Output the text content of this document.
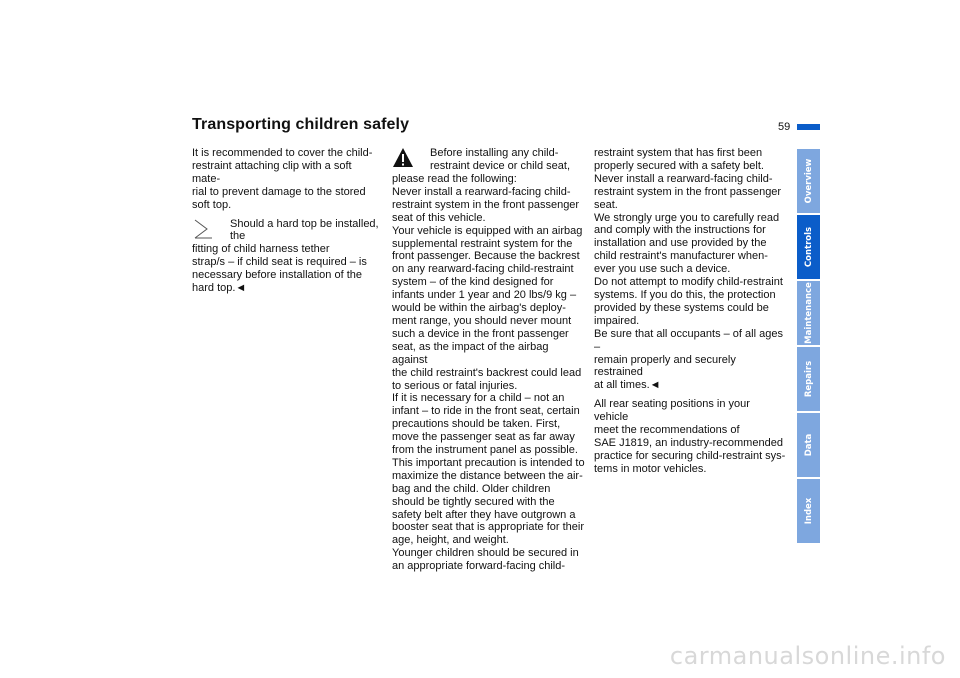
Transporting children safely	59

It is recommended to cover the child-

restraint attaching clip with a soft mate-

rial to prevent damage to the stored

soft top.

Should a hard top be installed, the

fitting of child harness tether

strap/s – if child seat is required – is

necessary before installation of the

hard top.◄

Before installing any child-

restraint device or child seat,

please read the following:

Never install a rearward-facing child-

restraint system in the front passenger

seat of this vehicle.

Your vehicle is equipped with an airbag

supplemental restraint system for the

front passenger. Because the backrest

on any rearward-facing child-restraint

system – of the kind designed for

infants under 1 year and 20 lbs/9 kg –

would be within the airbag's deploy-

ment range, you should never mount

such a device in the front passenger

seat, as the impact of the airbag against

the child restraint's backrest could lead

to serious or fatal injuries.

If it is necessary for a child – not an

infant – to ride in the front seat, certain

precautions should be taken. First,

move the passenger seat as far away

from the instrument panel as possible.

This important precaution is intended to

maximize the distance between the air-

bag and the child. Older children

should be tightly secured with the

safety belt after they have outgrown a

booster seat that is appropriate for their

age, height, and weight.

Younger children should be secured in

an appropriate forward-facing child-

restraint system that has first been

properly secured with a safety belt.

Never install a rearward-facing child-

restraint system in the front passenger

seat.

We strongly urge you to carefully read

and comply with the instructions for

installation and use provided by the

child restraint's manufacturer when-

ever you use such a device.

Do not attempt to modify child-restraint

systems. If you do this, the protection

provided by these systems could be

impaired.

Be sure that all occupants – of all ages –

remain properly and securely restrained

at all times.◄

All rear seating positions in your vehicle

meet the recommendations of

SAE J1819, an industry-recommended

practice for securing child-restraint sys-

tems in motor vehicles.

Overview
Controls
Maintenance
Repairs
Data
Index
carmanualsonline.info
